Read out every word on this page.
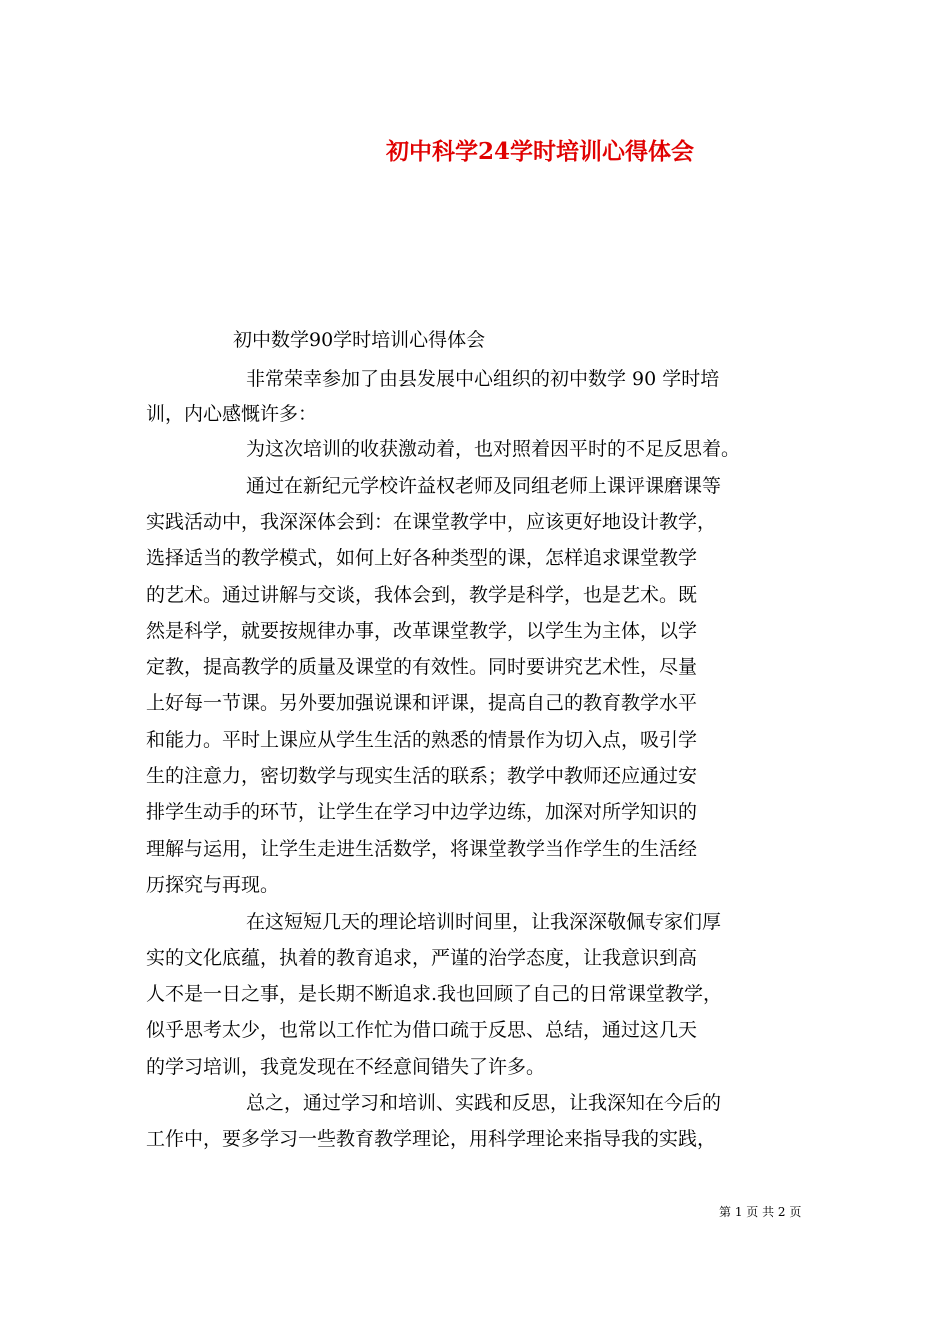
初中科学24学时培训心得体会
初中数学90学时培训心得体会
非常荣幸参加了由县发展中心组织的初中数学 90 学时培
训，内心感慨许多：
为这次培训的收获激动着，也对照着因平时的不足反思着。
通过在新纪元学校许益权老师及同组老师上课评课磨课等
实践活动中，我深深体会到：在课堂教学中，应该更好地设计教学，
选择适当的教学模式，如何上好各种类型的课，怎样追求课堂教学
的艺术。通过讲解与交谈，我体会到，教学是科学，也是艺术。既
然是科学，就要按规律办事，改革课堂教学，以学生为主体，以学
定教，提高教学的质量及课堂的有效性。同时要讲究艺术性，尽量
上好每一节课。另外要加强说课和评课，提高自己的教育教学水平
和能力。平时上课应从学生生活的熟悉的情景作为切入点，吸引学
生的注意力，密切数学与现实生活的联系；教学中教师还应通过安
排学生动手的环节，让学生在学习中边学边练，加深对所学知识的
理解与运用，让学生走进生活数学，将课堂教学当作学生的生活经
历探究与再现。
在这短短几天的理论培训时间里，让我深深敬佩专家们厚
实的文化底蕴，执着的教育追求，严谨的治学态度，让我意识到高
人不是一日之事，是长期不断追求.我也回顾了自己的日常课堂教学，
似乎思考太少，也常以工作忙为借口疏于反思、总结，通过这几天
的学习培训，我竟发现在不经意间错失了许多。
总之，通过学习和培训、实践和反思，让我深知在今后的
工作中，要多学习一些教育教学理论，用科学理论来指导我的实践，
第 1 页 共 2 页
